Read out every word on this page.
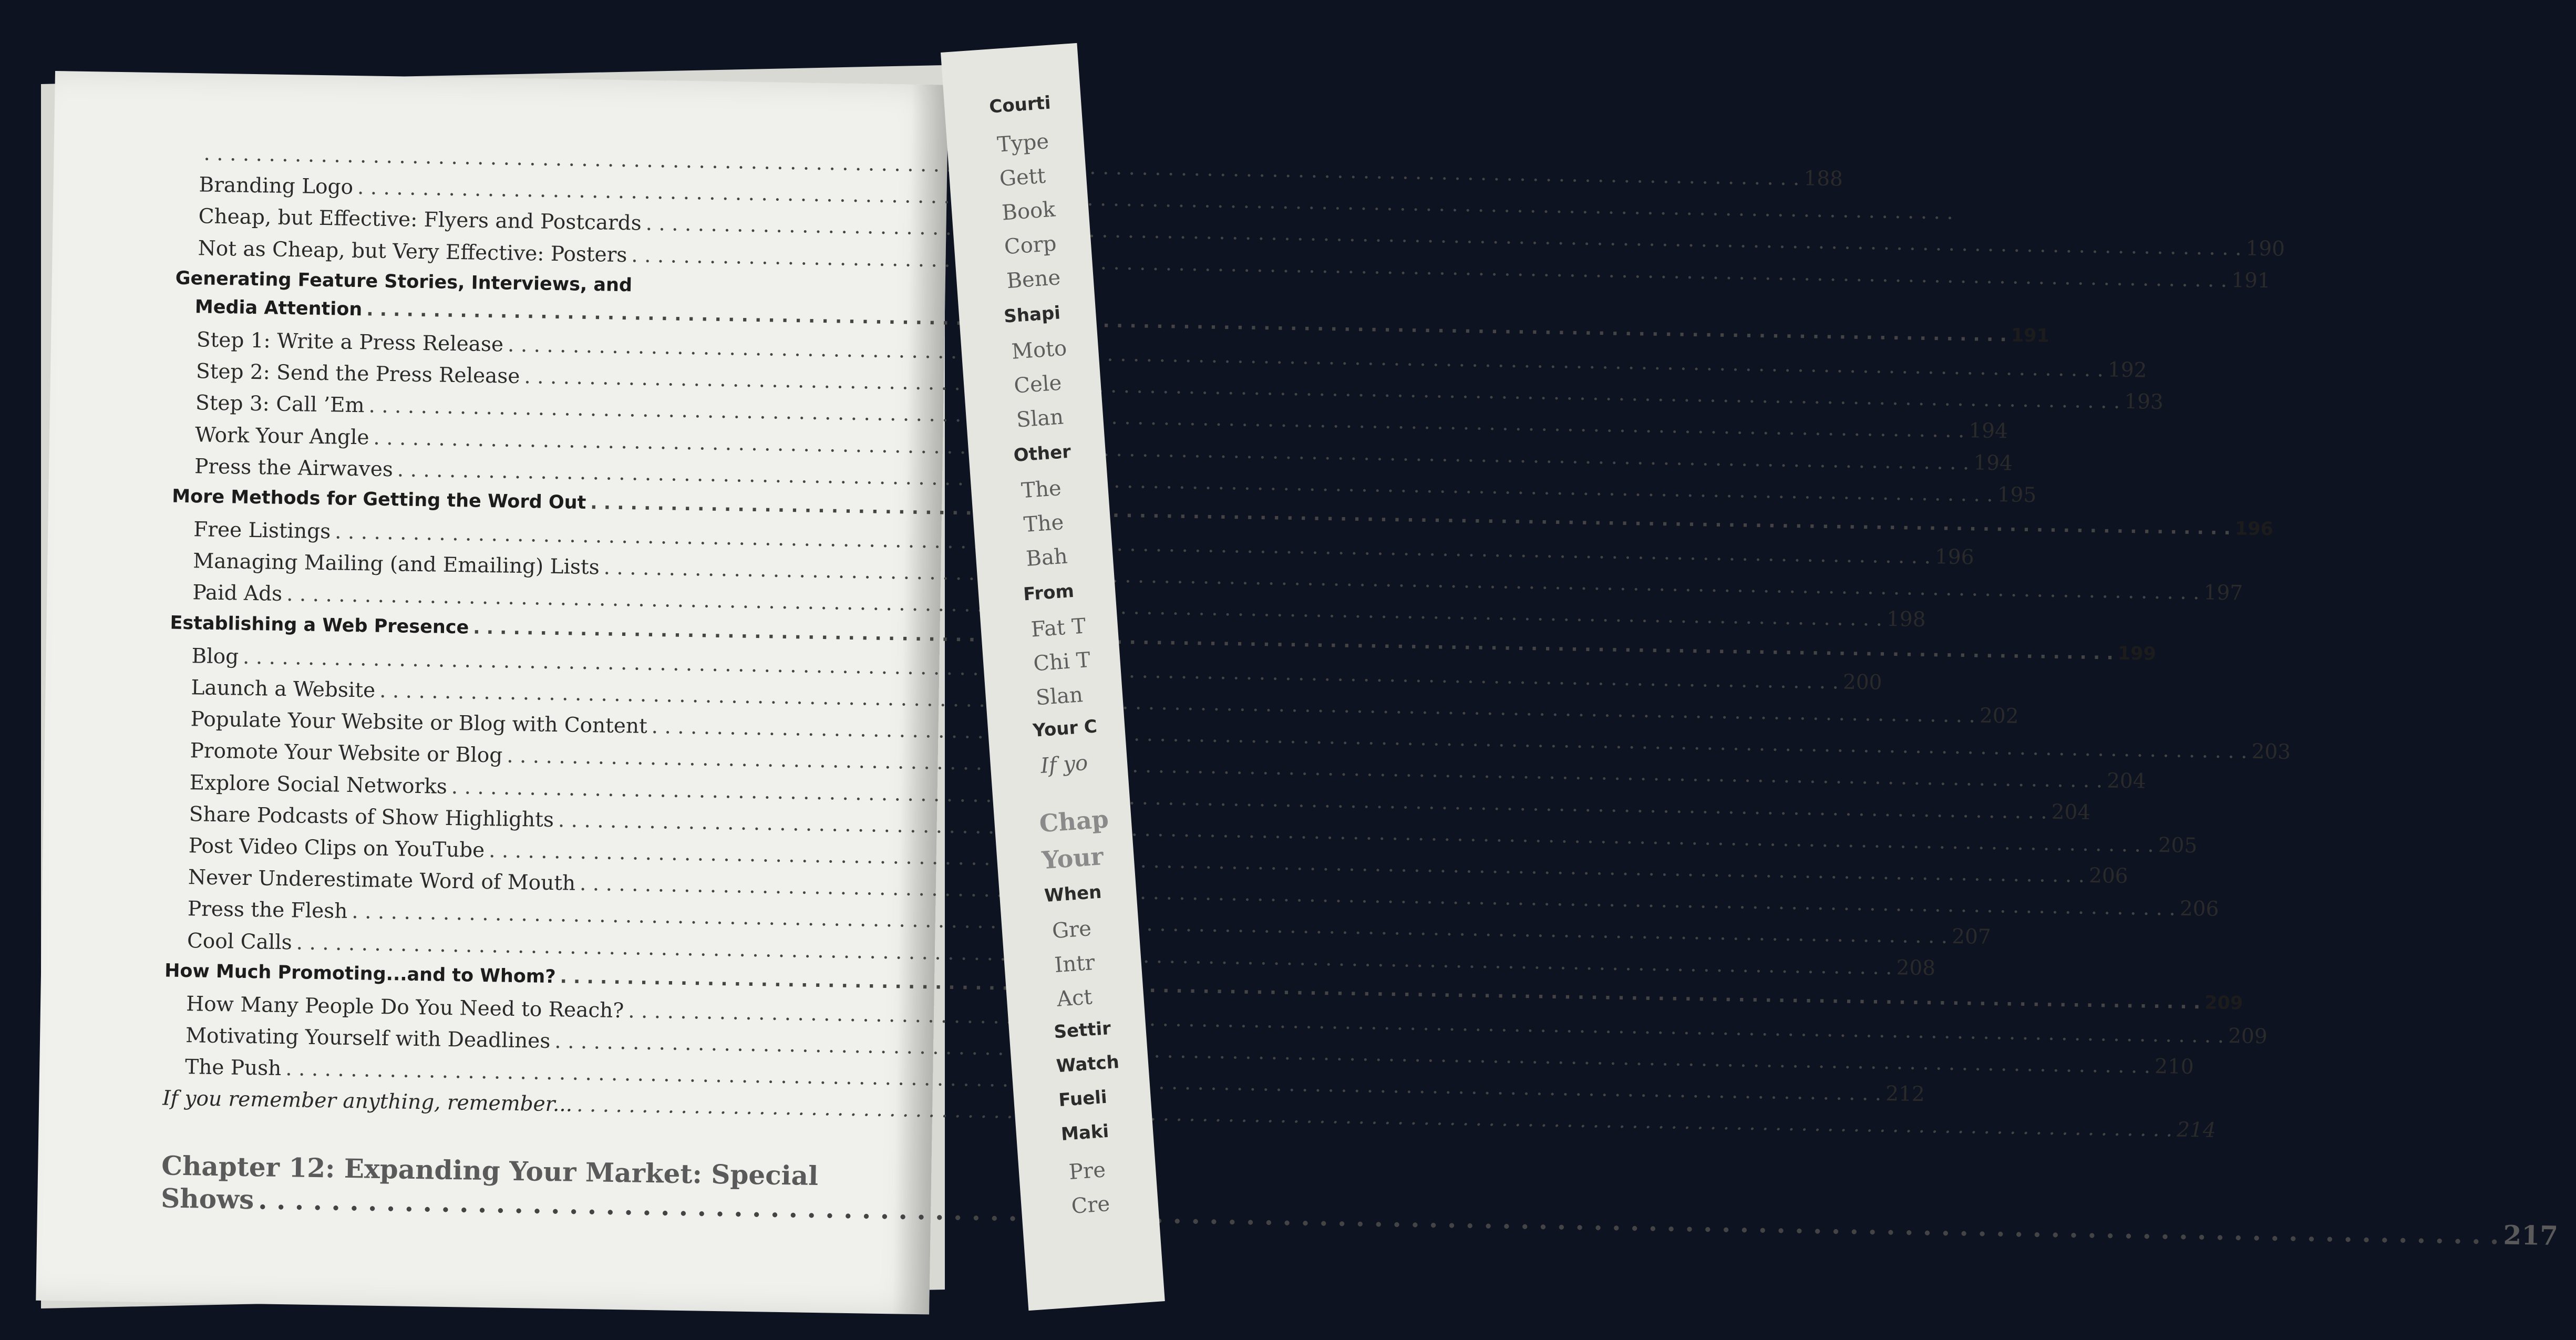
. . .
188
Branding Logo
. . .
Cheap, but Effective: Flyers and Postcards
. . .
190
Not as Cheap, but Very Effective: Posters
. . .
191
Generating Feature Stories, Interviews, and
Media Attention
. . .
191
Step 1: Write a Press Release
. . .
192
Step 2: Send the Press Release
. . .
193
Step 3: Call ’Em
. . .
194
Work Your Angle
. . .
194
Press the Airwaves
. . .
195
More Methods for Getting the Word Out
. . .
196
Free Listings
. . .
196
Managing Mailing (and Emailing) Lists
. . .
197
Paid Ads
. . .
198
Establishing a Web Presence
. . .
199
Blog
. . .
200
Launch a Website
. . .
202
Populate Your Website or Blog with Content
. . .
203
Promote Your Website or Blog
. . .
204
Explore Social Networks
. . .
204
Share Podcasts of Show Highlights
. . .
205
Post Video Clips on YouTube
. . .
206
Never Underestimate Word of Mouth
. . .
206
Press the Flesh
. . .
207
Cool Calls
. . .
208
How Much Promoting...and to Whom?
. . .
209
How Many People Do You Need to Reach?
. . .
209
Motivating Yourself with Deadlines
. . .
210
The Push
. . .
212
If you remember anything, remember...
. . .
214
Chapter 12: Expanding Your Market: Special
Shows
. . .
217
Courti
Type
Gett
Book
Corp
Bene
Shapi
Moto
Cele
Slan
Other
The
The
Bah
From
Fat T
Chi T
Slan
Your C
If yo
Chap
Your
When
Gre
Intr
Act
Settir
Watch
Fueli
Maki
Pre
Cre
